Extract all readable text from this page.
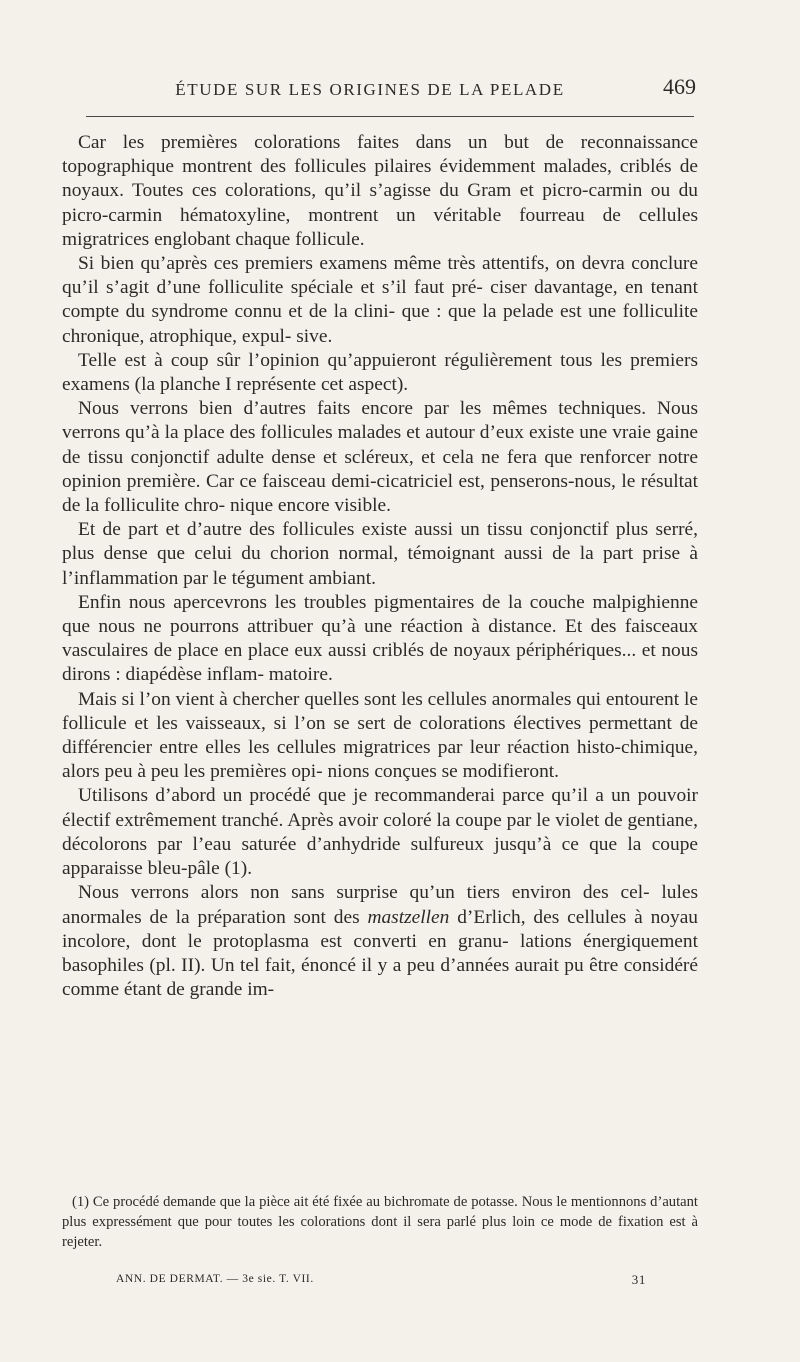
ÉTUDE SUR LES ORIGINES DE LA PELADE	469

Car les premières colorations faites dans un but de reconnaissance topographique montrent des follicules pilaires évidemment malades, criblés de noyaux. Toutes ces colorations, qu’il s’agisse du Gram et picro-carmin ou du picro-carmin hématoxyline, montrent un véritable fourreau de cellules migratrices englobant chaque follicule.

Si bien qu’après ces premiers examens même très attentifs, on devra conclure qu’il s’agit d’une folliculite spéciale et s’il faut pré- ciser davantage, en tenant compte du syndrome connu et de la clini- que : que la pelade est une folliculite chronique, atrophique, expul- sive.

Telle est à coup sûr l’opinion qu’appuieront régulièrement tous les premiers examens (la planche I représente cet aspect).

Nous verrons bien d’autres faits encore par les mêmes techniques. Nous verrons qu’à la place des follicules malades et autour d’eux existe une vraie gaine de tissu conjonctif adulte dense et scléreux, et cela ne fera que renforcer notre opinion première. Car ce faisceau demi-cicatriciel est, penserons-nous, le résultat de la folliculite chro- nique encore visible.

Et de part et d’autre des follicules existe aussi un tissu conjonctif plus serré, plus dense que celui du chorion normal, témoignant aussi de la part prise à l’inflammation par le tégument ambiant.

Enfin nous apercevrons les troubles pigmentaires de la couche malpighienne que nous ne pourrons attribuer qu’à une réaction à distance. Et des faisceaux vasculaires de place en place eux aussi criblés de noyaux périphériques... et nous dirons : diapédèse inflam- matoire.

Mais si l’on vient à chercher quelles sont les cellules anormales qui entourent le follicule et les vaisseaux, si l’on se sert de colorations électives permettant de différencier entre elles les cellules migratrices par leur réaction histo-chimique, alors peu à peu les premières opi- nions conçues se modifieront.

Utilisons d’abord un procédé que je recommanderai parce qu’il a un pouvoir électif extrêmement tranché. Après avoir coloré la coupe par le violet de gentiane, décolorons par l’eau saturée d’anhydride sulfureux jusqu’à ce que la coupe apparaisse bleu-pâle (1).

Nous verrons alors non sans surprise qu’un tiers environ des cel- lules anormales de la préparation sont des mastzellen d’Erlich, des cellules à noyau incolore, dont le protoplasma est converti en granu- lations énergiquement basophiles (pl. II). Un tel fait, énoncé il y a peu d’années aurait pu être considéré comme étant de grande im-

(1) Ce procédé demande que la pièce ait été fixée au bichromate de potasse. Nous le mentionnons d’autant plus expressément que pour toutes les colorations dont il sera parlé plus loin ce mode de fixation est à rejeter.

ANN. DE DERMAT. — 3e sie. T. VII.	31
